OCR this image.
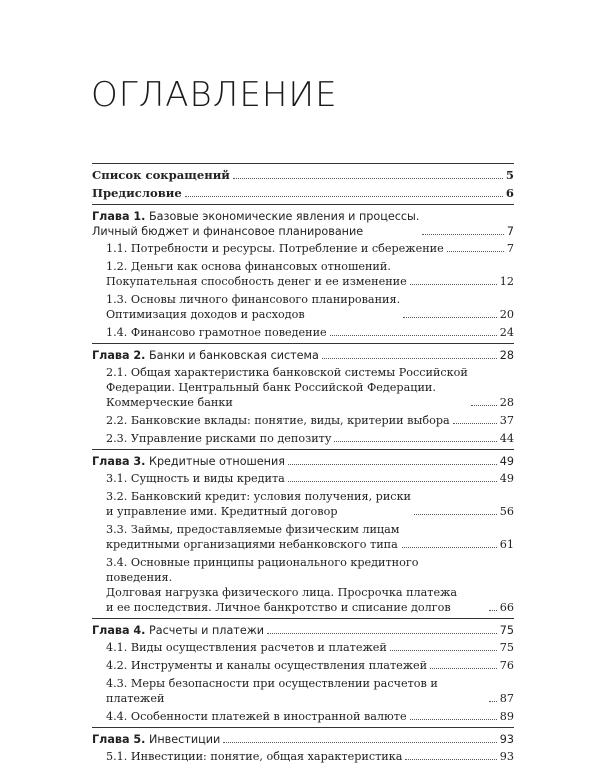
ОГЛАВЛЕНИЕ
Список сокращений	5
Предисловие	6
Глава 1. Базовые экономические явления и процессы.
Личный бюджет и финансовое планирование	7
1.1. Потребности и ресурсы. Потребление и сбережение	7
1.2. Деньги как основа финансовых отношений.
Покупательная способность денег и ее изменение	12
1.3. Основы личного финансового планирования.
Оптимизация доходов и расходов	20
1.4. Финансово грамотное поведение	24
Глава 2. Банки и банковская система	28
2.1. Общая характеристика банковской системы Российской
Федерации. Центральный банк Российской Федерации.
Коммерческие банки	28
2.2. Банковские вклады: понятие, виды, критерии выбора	37
2.3. Управление рисками по депозиту	44
Глава 3. Кредитные отношения	49
3.1. Сущность и виды кредита	49
3.2. Банковский кредит: условия получения, риски
и управление ими. Кредитный договор	56
3.3. Займы, предоставляемые физическим лицам
кредитными организациями небанковского типа	61
3.4. Основные принципы рационального кредитного поведения.
Долговая нагрузка физического лица. Просрочка платежа
и ее последствия. Личное банкротство и списание долгов	66
Глава 4. Расчеты и платежи	75
4.1. Виды осуществления расчетов и платежей	75
4.2. Инструменты и каналы осуществления платежей	76
4.3. Меры безопасности при осуществлении расчетов и платежей	87
4.4. Особенности платежей в иностранной валюте	89
Глава 5. Инвестиции	93
5.1. Инвестиции: понятие, общая характеристика	93
